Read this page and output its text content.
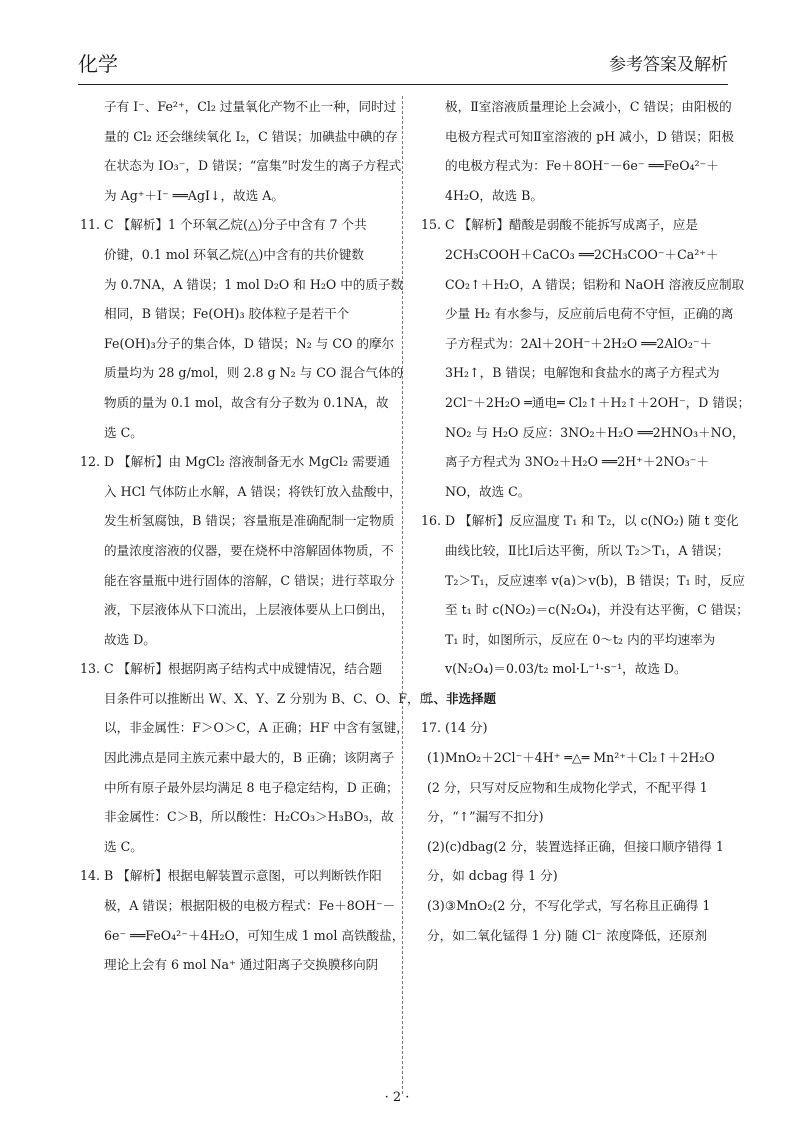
化学	参考答案及解析

子有 I⁻、Fe²⁺，Cl₂ 过量氧化产物不止一种，同时过

量的 Cl₂ 还会继续氧化 I₂，C 错误；加碘盐中碘的存

在状态为 IO₃⁻，D 错误；“富集”时发生的离子方程式

为 Ag⁺＋I⁻ ══AgI↓，故选 A。

11. C 【解析】1 个环氧乙烷(△)分子中含有 7 个共

价键，0.1 mol 环氧乙烷(△)中含有的共价键数

为 0.7NA，A 错误；1 mol D₂O 和 H₂O 中的质子数

相同，B 错误；Fe(OH)₃ 胶体粒子是若干个

Fe(OH)₃分子的集合体，D 错误；N₂ 与 CO 的摩尔

质量均为 28 g/mol，则 2.8 g N₂ 与 CO 混合气体的

物质的量为 0.1 mol，故含有分子数为 0.1NA，故

选 C。

12. D 【解析】由 MgCl₂ 溶液制备无水 MgCl₂ 需要通

入 HCl 气体防止水解，A 错误；将铁钉放入盐酸中，

发生析氢腐蚀，B 错误；容量瓶是准确配制一定物质

的量浓度溶液的仪器，要在烧杯中溶解固体物质，不

能在容量瓶中进行固体的溶解，C 错误；进行萃取分

液，下层液体从下口流出，上层液体要从上口倒出，

故选 D。

13. C 【解析】根据阴离子结构式中成键情况，结合题

目条件可以推断出 W、X、Y、Z 分别为 B、C、O、F，所

以，非金属性：F＞O＞C，A 正确；HF 中含有氢键，

因此沸点是同主族元素中最大的，B 正确；该阴离子

中所有原子最外层均满足 8 电子稳定结构，D 正确；

非金属性：C＞B，所以酸性：H₂CO₃＞H₃BO₃，故

选 C。

14. B 【解析】根据电解装置示意图，可以判断铁作阳

极，A 错误；根据阳极的电极方程式：Fe＋8OH⁻－

6e⁻ ══FeO₄²⁻＋4H₂O，可知生成 1 mol 高铁酸盐，

理论上会有 6 mol Na⁺ 通过阳离子交换膜移向阴

极，Ⅱ室溶液质量理论上会减小，C 错误；由阳极的

电极方程式可知Ⅱ室溶液的 pH 减小，D 错误；阳极

的电极方程式为：Fe＋8OH⁻－6e⁻ ══FeO₄²⁻＋

4H₂O，故选 B。

15. C 【解析】醋酸是弱酸不能拆写成离子，应是

2CH₃COOH＋CaCO₃ ══2CH₃COO⁻＋Ca²⁺＋

CO₂↑＋H₂O，A 错误；铝粉和 NaOH 溶液反应制取

少量 H₂ 有水参与，反应前后电荷不守恒，正确的离

子方程式为：2Al＋2OH⁻＋2H₂O ══2AlO₂⁻＋

3H₂↑，B 错误；电解饱和食盐水的离子方程式为

2Cl⁻＋2H₂O ═通电═ Cl₂↑＋H₂↑＋2OH⁻，D 错误；

NO₂ 与 H₂O 反应：3NO₂＋H₂O ══2HNO₃＋NO，

离子方程式为 3NO₂＋H₂O ══2H⁺＋2NO₃⁻＋

NO，故选 C。

16. D 【解析】反应温度 T₁ 和 T₂，以 c(NO₂) 随 t 变化

曲线比较，Ⅱ比Ⅰ后达平衡，所以 T₂＞T₁，A 错误；

T₂＞T₁，反应速率 v(a)＞v(b)，B 错误；T₁ 时，反应

至 t₁ 时 c(NO₂)＝c(N₂O₄)，并没有达平衡，C 错误；

T₁ 时，如图所示，反应在 0～t₂ 内的平均速率为

v(N₂O₄)＝0.03/t₂ mol·L⁻¹·s⁻¹，故选 D。

二、非选择题

17. (14 分)

(1)MnO₂＋2Cl⁻＋4H⁺ ═△═ Mn²⁺＋Cl₂↑＋2H₂O

(2 分，只写对反应物和生成物化学式，不配平得 1

分，“↑”漏写不扣分)

(2)(c)dbag(2 分，装置选择正确，但接口顺序错得 1

分，如 dcbag 得 1 分)

(3)③MnO₂(2 分，不写化学式，写名称且正确得 1

分，如二氧化锰得 1 分) 随 Cl⁻ 浓度降低，还原剂

· 2 ·
